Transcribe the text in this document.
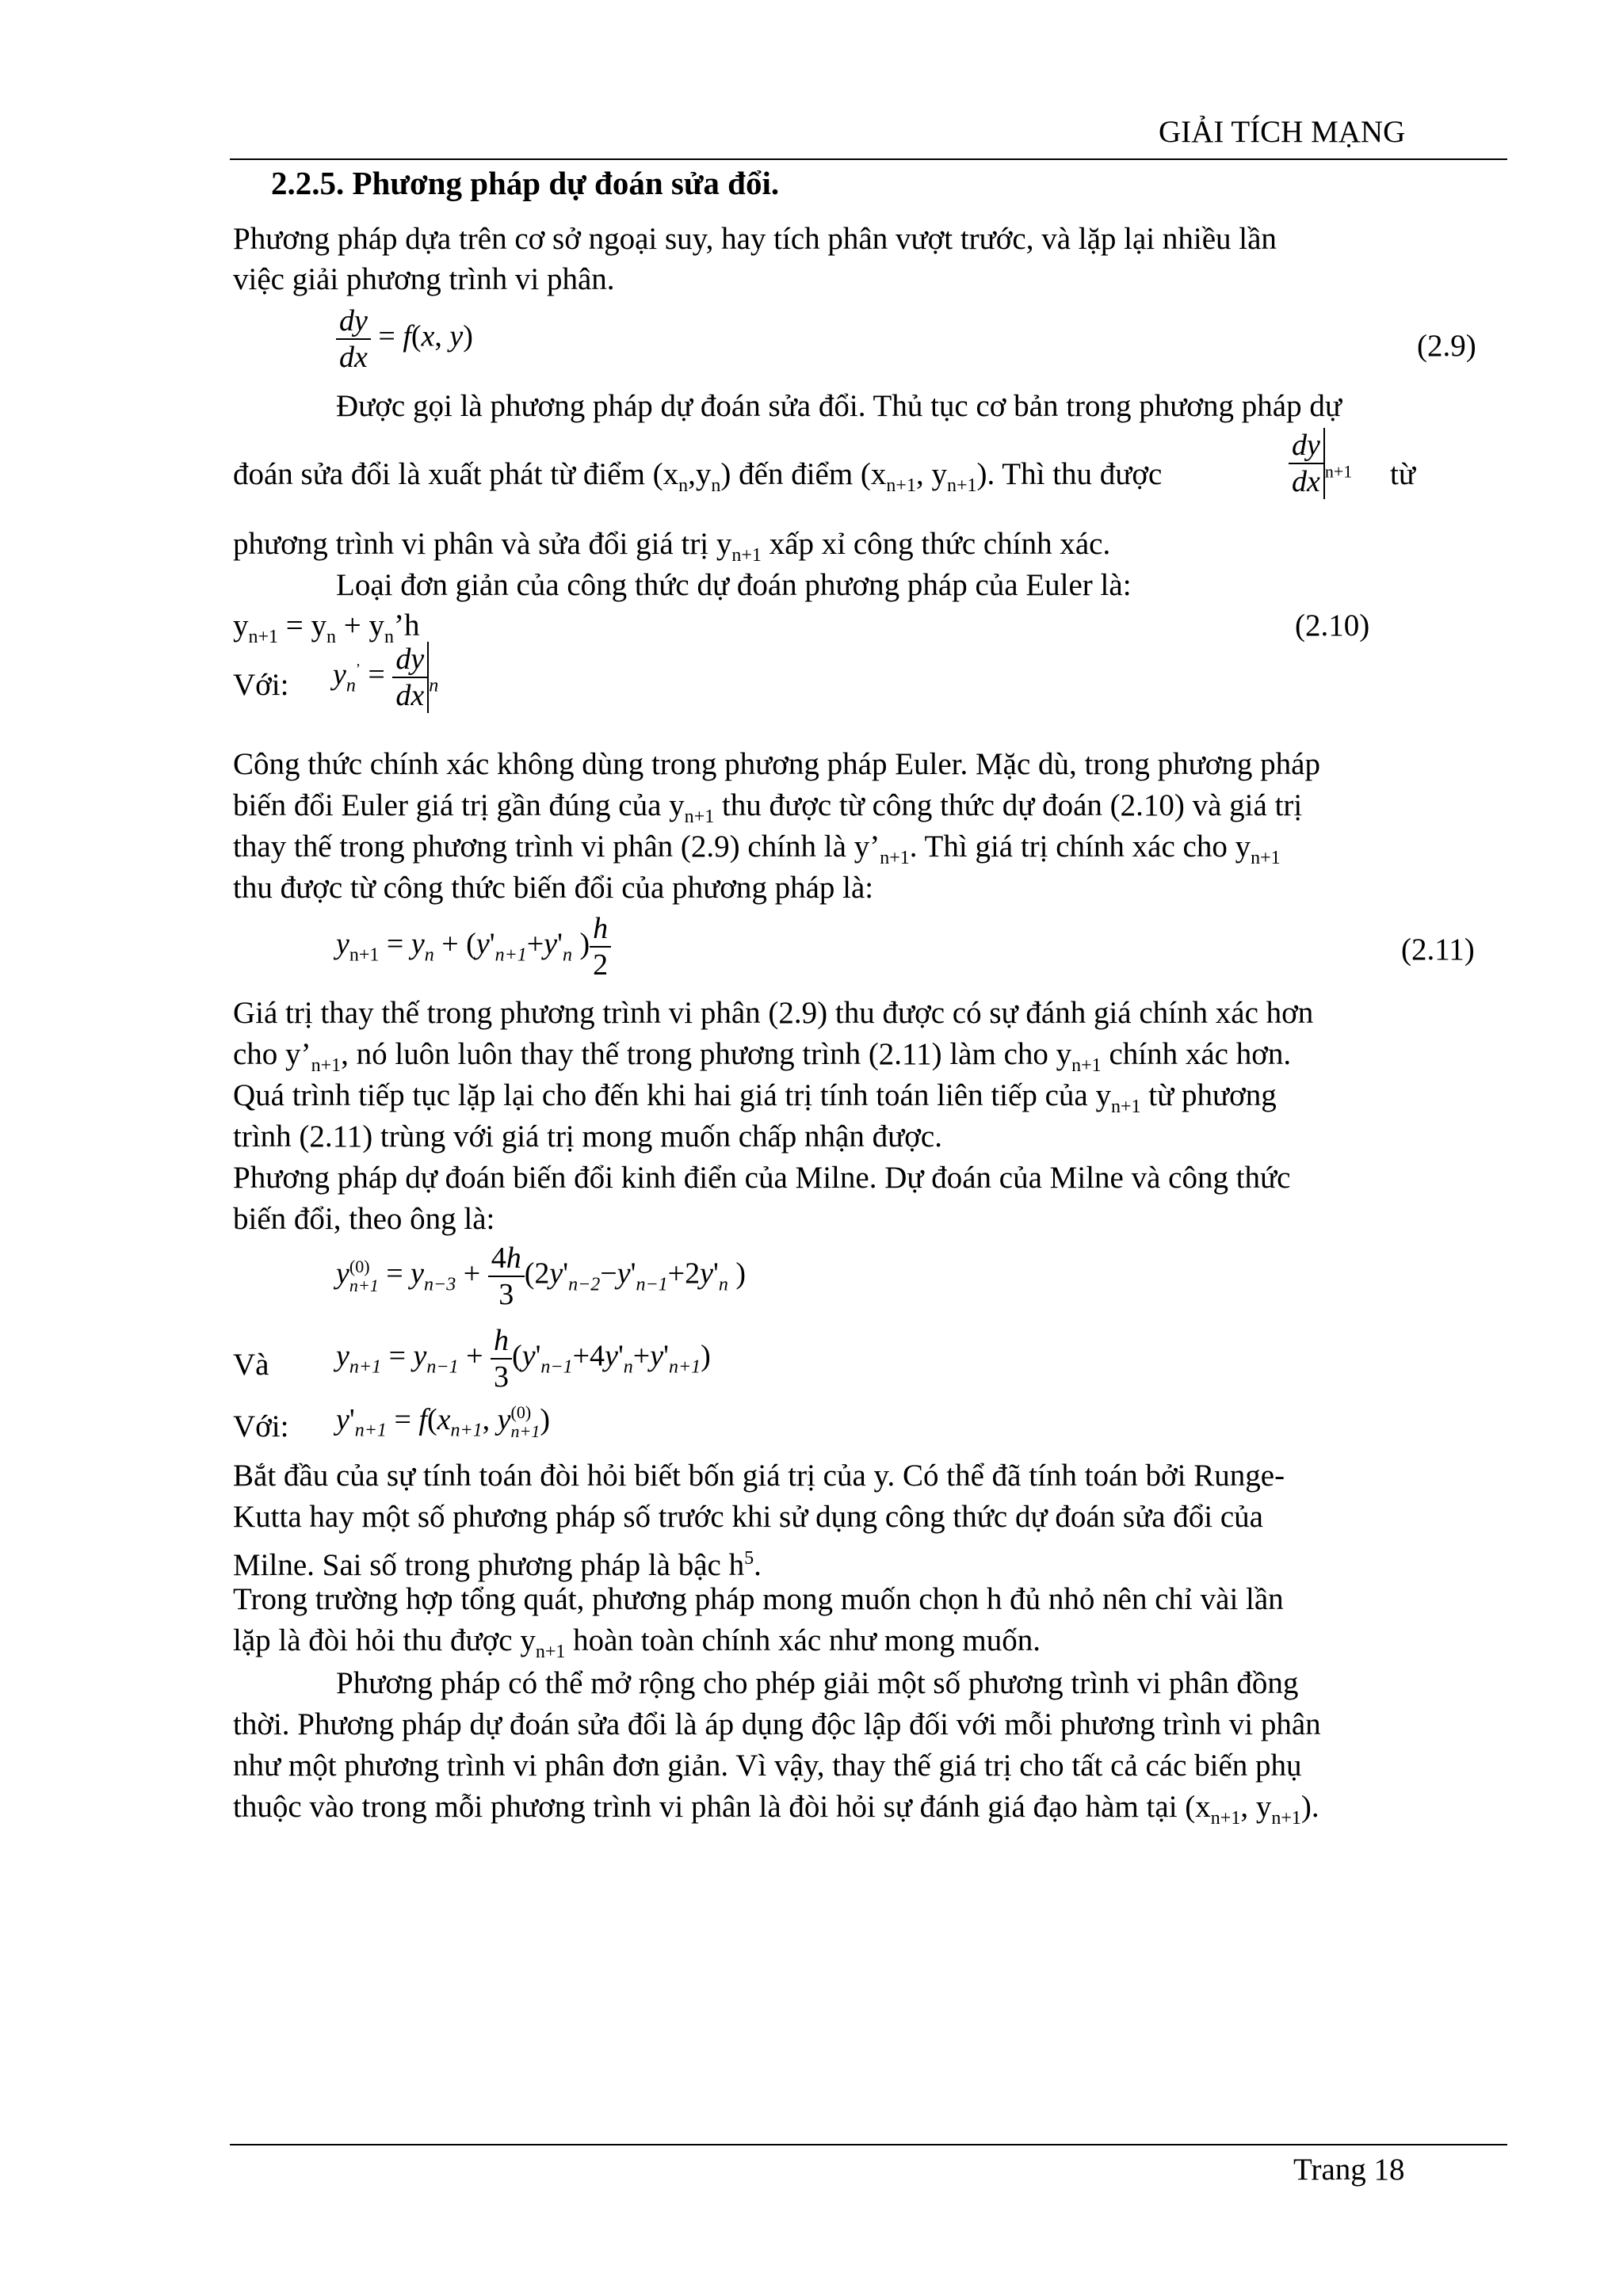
GIẢI TÍCH MẠNG
2.2.5. Phương pháp dự đoán sửa đổi.
Phương pháp dựa trên cơ sở ngoại suy, hay tích phân vượt trước, và lặp lại nhiều lần
việc giải phương trình vi phân.
$\frac{dy}{dx} = f(x$, y)	(2.9)
Được gọi là phương pháp dự đoán sửa đổi. Thủ tục cơ bản trong phương pháp dự
đoán sửa đổi là xuất phát từ điểm $(x_n,y_n)$ đến điểm ($x_{n+1}$, $y_{n+1}$). Thì thu được	$\frac{dy}{dx} _{n+1}$ từ
phương trình vi phân và sửa đổi giá trị $y_{n+1}$ xấp xỉ công thức chính xác.
Loại đơn giản của công thức dự đoán phương pháp của Euler là:
$y_{n+1} = y_n$ + $y_n’h$	(2.10)
Với: $y_n^’ = \frac{dy}{dx} _n$
Công thức chính xác không dùng trong phương pháp Euler. Mặc dù, trong phương pháp
biến đổi Euler giá trị gần đúng của $y_{n+1}$ thu được từ công thức dự đoán (2.10) và giá trị
thay thế trong phương trình vi phân (2.9) chính là $y’_{n+1}$. Thì giá trị chính xác cho $y_{n+1}$
thu được từ công thức biến đổi của phương pháp là:
$y_{n+1} = y_n + (y'_{n+1}+y'_n$ ) $\frac{h}{2}$	(2.11)
Giá trị thay thế trong phương trình vi phân (2.9) thu được có sự đánh giá chính xác hơn
cho $y’_{n+1}$, nó luôn luôn thay thế trong phương trình (2.11) làm cho $y_{n+1}$ chính xác hơn.
Quá trình tiếp tục lặp lại cho đến khi hai giá trị tính toán liên tiếp của $y_{n+1}$ từ phương
trình (2.11) trùng với giá trị mong muốn chấp nhận được.
Phương pháp dự đoán biến đổi kinh điển của Milne. Dự đoán của Milne và công thức
biến đổi, theo ông là:
y (0)
$n+1 = y_{n-3} + \frac{4h}{3} (2y'_{n-2}-y'_{n-1}+2y'_n$ )
Và $y_{n+1} = y_{n-1} + \frac{h}{3} (y'_{n-1}+4y'_n+y'_{n+1})$
Với: $y'_{n+1} = f(x_{n+1}$, y (0)
n+1 )
Bắt đầu của sự tính toán đòi hỏi biết bốn giá trị của y. Có thể đã tính toán bởi Runge-
Kutta hay một số phương pháp số trước khi sử dụng công thức dự đoán sửa đổi của
Milne. Sai số trong phương pháp là bậc $h^5$.
Trong trường hợp tổng quát, phương pháp mong muốn chọn h đủ nhỏ nên chỉ vài lần
lặp là đòi hỏi thu được $y_{n+1}$ hoàn toàn chính xác như mong muốn.
Phương pháp có thể mở rộng cho phép giải một số phương trình vi phân đồng
thời. Phương pháp dự đoán sửa đổi là áp dụng độc lập đối với mỗi phương trình vi phân
như một phương trình vi phân đơn giản. Vì vậy, thay thế giá trị cho tất cả các biến phụ
thuộc vào trong mỗi phương trình vi phân là đòi hỏi sự đánh giá đạo hàm tại ($x_{n+1}$, $y_{n+1}$).
Trang 18
